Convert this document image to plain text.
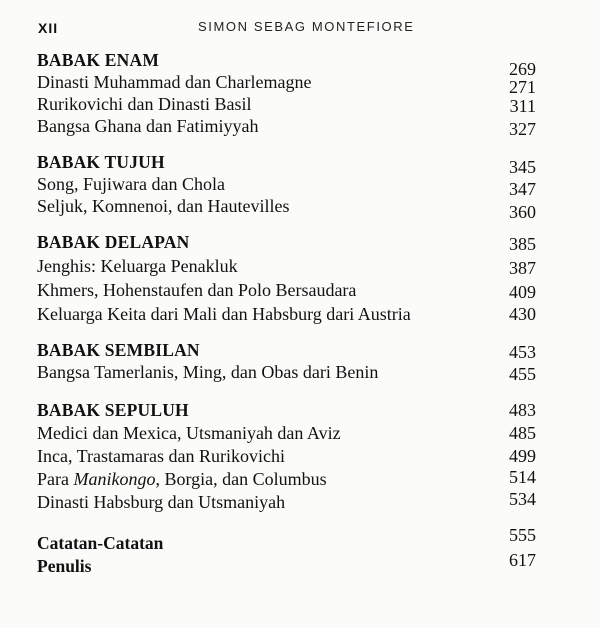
XII	SIMON SEBAG MONTEFIORE
BABAK ENAM	269
Dinasti Muhammad dan Charlemagne	271
Rurikovichi dan Dinasti Basil	311
Bangsa Ghana dan Fatimiyyah	327
BABAK TUJUH	345
Song, Fujiwara dan Chola	347
Seljuk, Komnenoi, dan Hautevilles	360
BABAK DELAPAN	385
Jenghis: Keluarga Penakluk	387
Khmers, Hohenstaufen dan Polo Bersaudara	409
Keluarga Keita dari Mali dan Habsburg dari Austria	430
BABAK SEMBILAN	453
Bangsa Tamerlanis, Ming, dan Obas dari Benin	455
BABAK SEPULUH	483
Medici dan Mexica, Utsmaniyah dan Aviz	485
Inca, Trastamaras dan Rurikovichi	499
Para Manikongo, Borgia, dan Columbus	514
Dinasti Habsburg dan Utsmaniyah	534
Catatan-Catatan	555
Penulis	617
